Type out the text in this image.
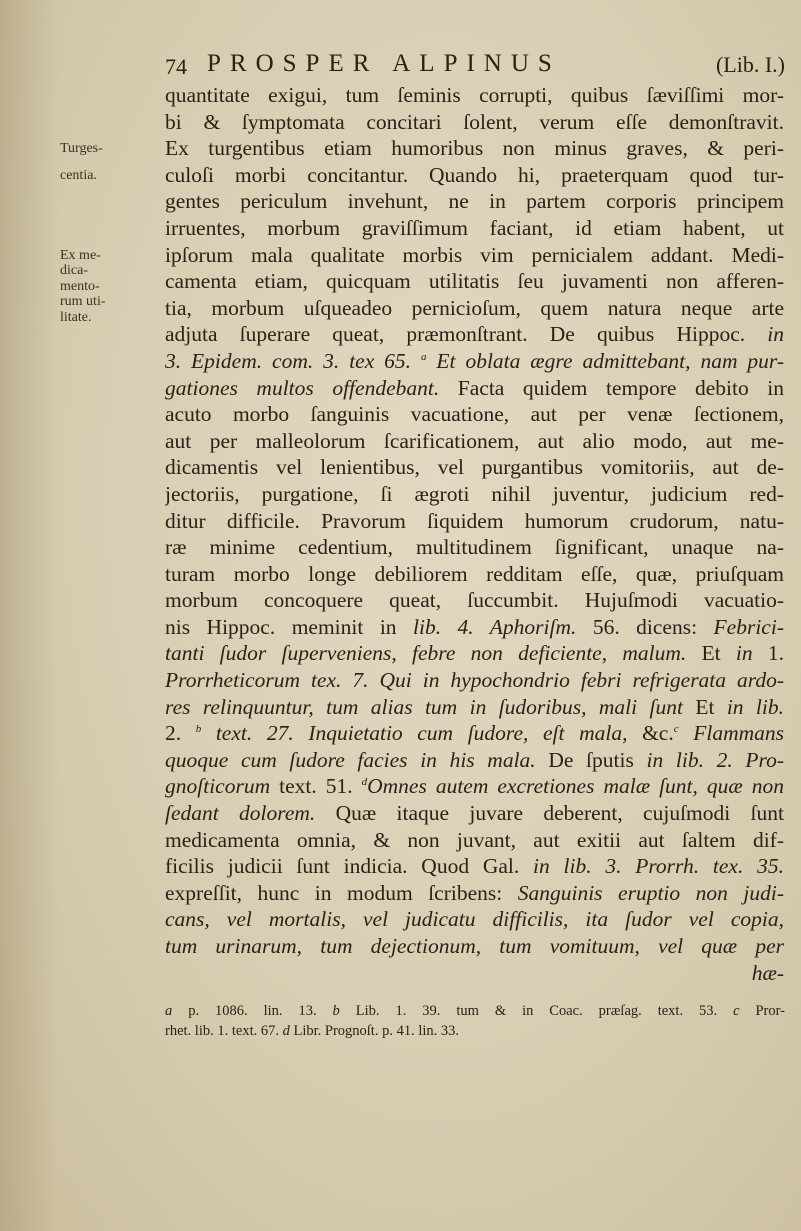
74 PROSPER ALPINUS	(Lib. I.)
Turges-
centia.
Ex me-
dica-
mento-
rum uti-
litate.
quantitate exigui, tum ſeminis corrupti, quibus ſæviſſimi mor-
bi & ſymptomata concitari ſolent, verum eſſe demonſtravit.
Ex turgentibus etiam humoribus non minus graves, & peri-
culoſi morbi concitantur. Quando hi, praeterquam quod tur-
gentes periculum invehunt, ne in partem corporis principem
irruentes, morbum graviſſimum faciant, id etiam habent, ut
ipſorum mala qualitate morbis vim pernicialem addant. Medi-
camenta etiam, quicquam utilitatis ſeu juvamenti non afferen-
tia, morbum uſqueadeo pernicioſum, quem natura neque arte
adjuta ſuperare queat, præmonſtrant. De quibus Hippoc. in
3. Epidem. com. 3. tex 65. $^a$ Et oblata ægre admittebant, nam pur-
gationes multos offendebant. Facta quidem tempore debito in
acuto morbo ſanguinis vacuatione, aut per venæ ſectionem,
aut per malleolorum ſcarificationem, aut alio modo, aut me-
dicamentis vel lenientibus, vel purgantibus vomitoriis, aut de-
jectoriis, purgatione, ſi ægroti nihil juventur, judicium red-
ditur difficile. Pravorum ſiquidem humorum crudorum, natu-
ræ minime cedentium, multitudinem ſignificant, unaque na-
turam morbo longe debiliorem redditam eſſe, quæ, priuſquam
morbum concoquere queat, ſuccumbit. Hujuſmodi vacuatio-
nis Hippoc. meminit in lib. 4. Aphoriſm. 56. dicens: Febrici-
tanti ſudor ſuperveniens, febre non deficiente, malum. Et in 1.
Prorrheticorum tex. 7. Qui in hypochondrio febri refrigerata ardo-
res relinquuntur, tum alias tum in ſudoribus, mali ſunt Et in lib.
2. $^b$ text. 27. Inquietatio cum ſudore, eſt mala, &c.$^c$ Flammans
quoque cum ſudore facies in his mala. De ſputis in lib. 2. Pro-
gnoſticorum text. 51. $^d$Omnes autem excretiones malæ ſunt, quæ non
ſedant dolorem. Quæ itaque juvare deberent, cujuſmodi ſunt
medicamenta omnia, & non juvant, aut exitii aut ſaltem dif-
ficilis judicii ſunt indicia. Quod Gal. in lib. 3. Prorrh. tex. 35.
expreſſit, hunc in modum ſcribens: Sanguinis eruptio non judi-
cans, vel mortalis, vel judicatu difficilis, ita ſudor vel copia,
tum urinarum, tum dejectionum, tum vomituum, vel quæ per
hæ-
a p. 1086. lin. 13. b Lib. 1. 39. tum & in Coac. præſag. text. 53. c Pror-
rhet. lib. 1. text. 67. d Libr. Prognoſt. p. 41. lin. 33.
